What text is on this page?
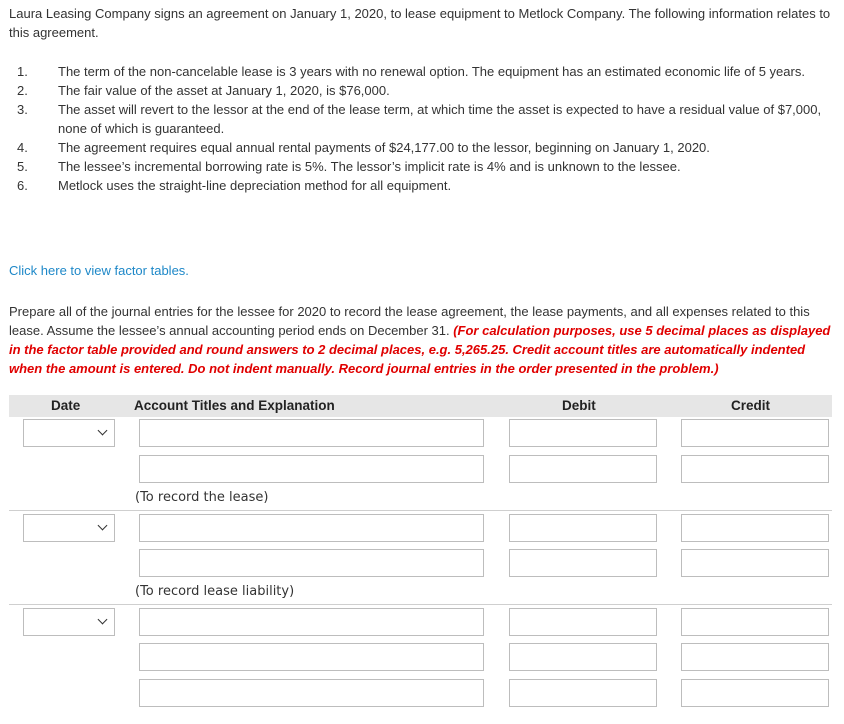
Laura Leasing Company signs an agreement on January 1, 2020, to lease equipment to Metlock Company. The following information relates to this agreement.
1. The term of the non-cancelable lease is 3 years with no renewal option. The equipment has an estimated economic life of 5 years.
2. The fair value of the asset at January 1, 2020, is $76,000.
3. The asset will revert to the lessor at the end of the lease term, at which time the asset is expected to have a residual value of $7,000, none of which is guaranteed.
4. The agreement requires equal annual rental payments of $24,177.00 to the lessor, beginning on January 1, 2020.
5. The lessee’s incremental borrowing rate is 5%. The lessor’s implicit rate is 4% and is unknown to the lessee.
6. Metlock uses the straight-line depreciation method for all equipment.
Click here to view factor tables.
Prepare all of the journal entries for the lessee for 2020 to record the lease agreement, the lease payments, and all expenses related to this lease. Assume the lessee’s annual accounting period ends on December 31. (For calculation purposes, use 5 decimal places as displayed in the factor table provided and round answers to 2 decimal places, e.g. 5,265.25. Credit account titles are automatically indented when the amount is entered. Do not indent manually. Record journal entries in the order presented in the problem.)
Date	Account Titles and Explanation	Debit	Credit
(To record the lease)
(To record lease liability)
